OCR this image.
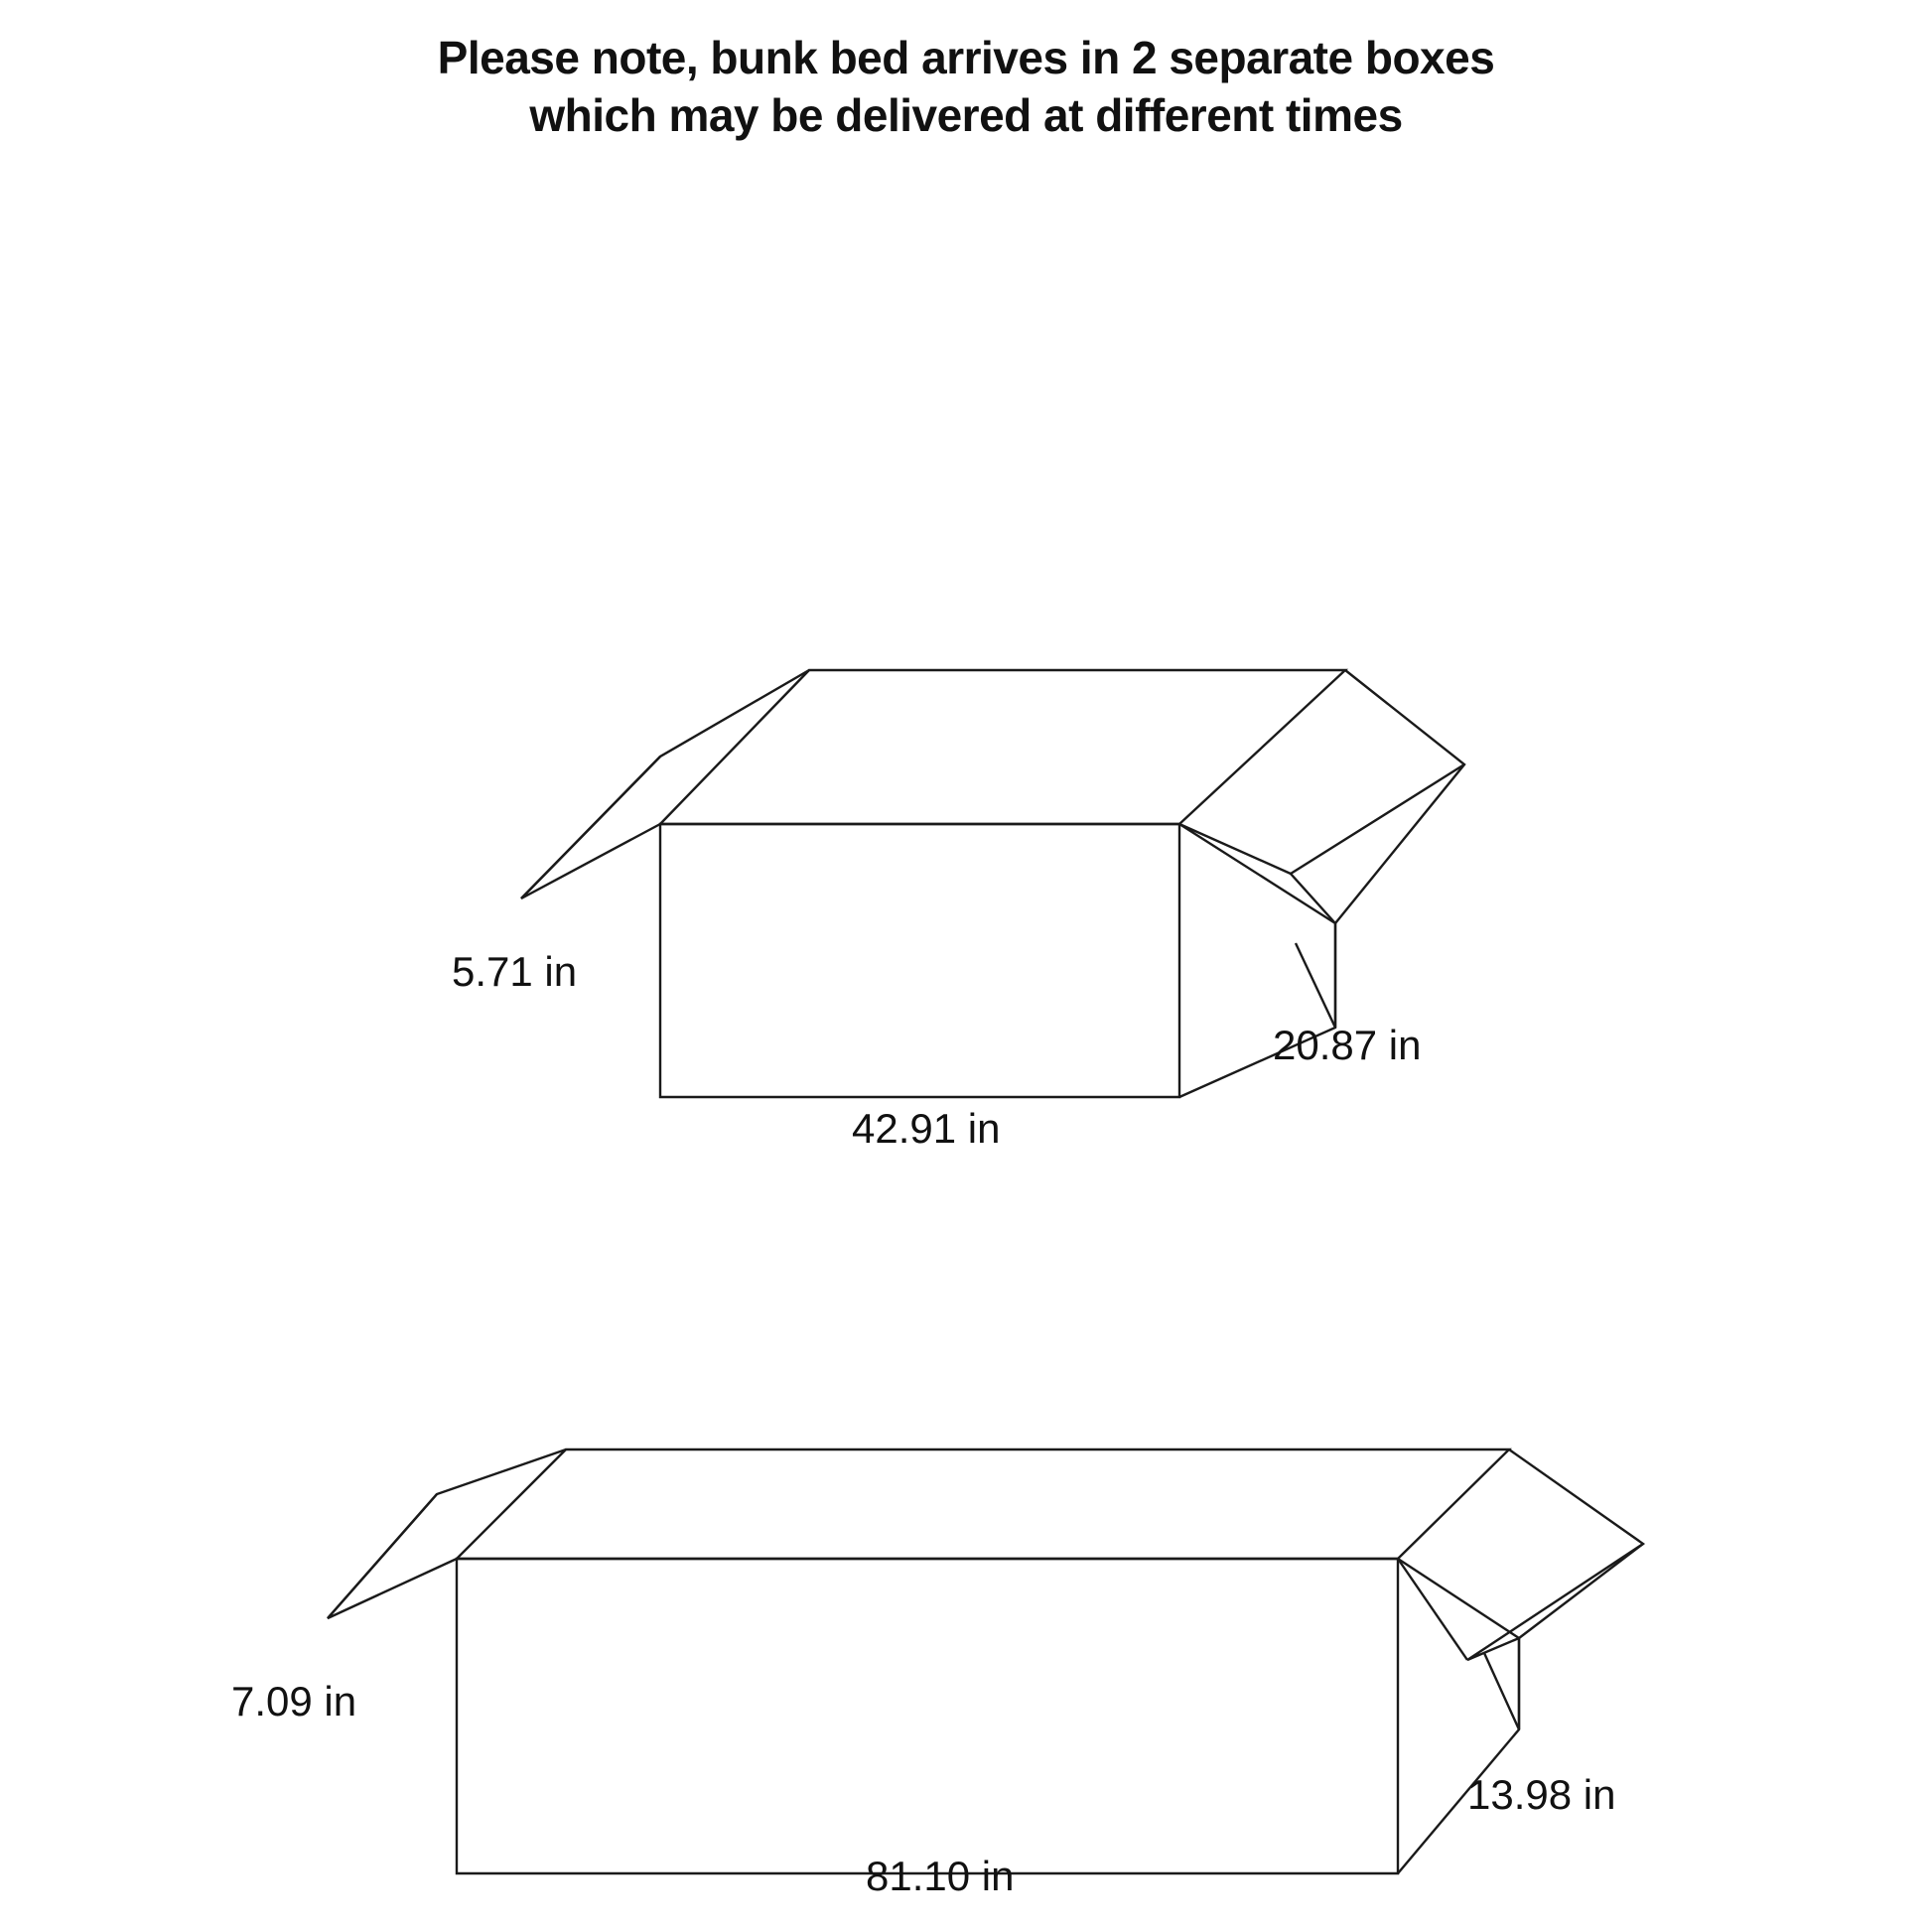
Please note, bunk bed arrives in 2 separate boxes
which may be delivered at different times
5.71 in
20.87 in
42.91 in
7.09 in
13.98 in
81.10 in
